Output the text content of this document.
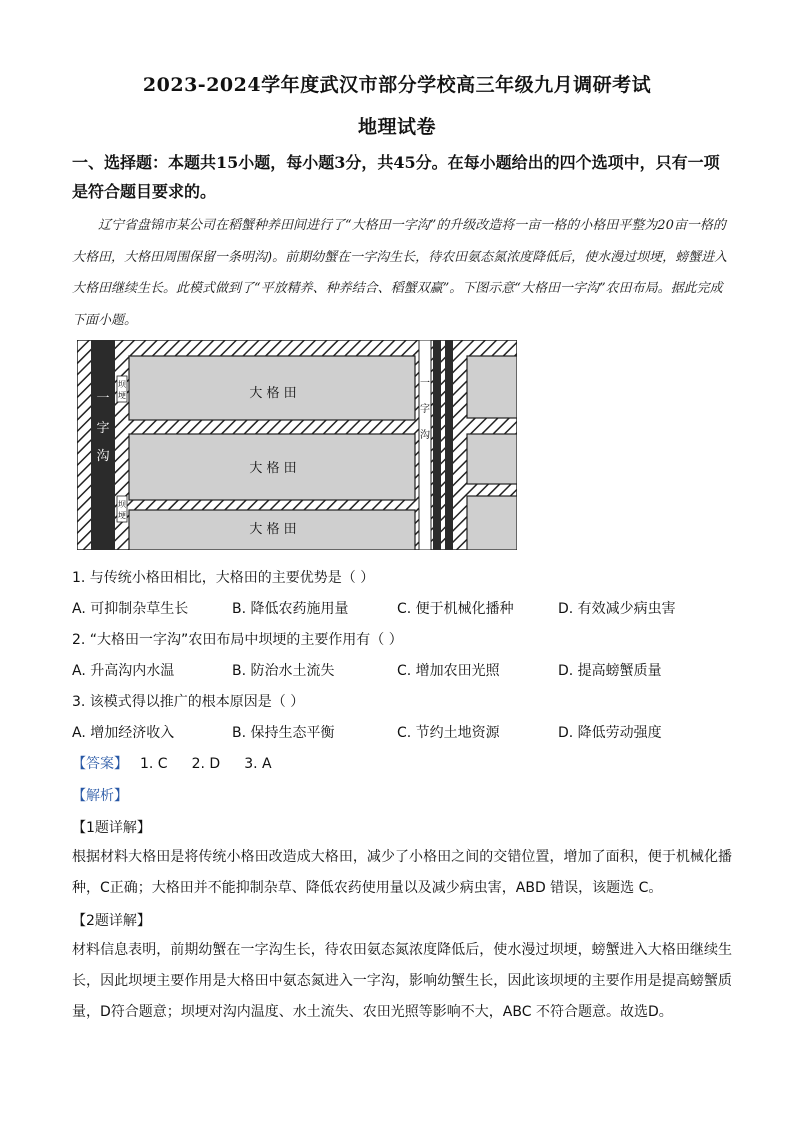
2023-2024学年度武汉市部分学校高三年级九月调研考试
地理试卷
一、选择题：本题共15小题，每小题3分，共45分。在每小题给出的四个选项中，只有一项是符合题目要求的。
辽宁省盘锦市某公司在稻蟹种养田间进行了“大格田一字沟”的升级改造将一亩一格的小格田平整为20亩一格的大格田，大格田周围保留一条明沟)。前期幼蟹在一字沟生长，待农田氨态氮浓度降低后，使水漫过坝埂，螃蟹进入大格田继续生长。此模式做到了“平放精养、种养结合、稻蟹双赢”。下图示意“大格田一字沟”农田布局。据此完成下面小题。
大 格 田
大 格 田
大 格 田
一
字
沟
坝
埂
坝
埂
一
字
沟
1. 与传统小格田相比，大格田的主要优势是（ ）
A. 可抑制杂草生长	B. 降低农药施用量	C. 便于机械化播种	D. 有效减少病虫害
2. “大格田一字沟”农田布局中坝埂的主要作用有（ ）
A. 升高沟内水温	B. 防治水土流失	C. 增加农田光照	D. 提高螃蟹质量
3. 该模式得以推广的根本原因是（ ）
A. 增加经济收入	B. 保持生态平衡	C. 节约土地资源	D. 降低劳动强度
【答案】 1. C 2. D 3. A
【解析】
【1题详解】
根据材料大格田是将传统小格田改造成大格田，减少了小格田之间的交错位置，增加了面积，便于机械化播种，C正确；大格田并不能抑制杂草、降低农药使用量以及减少病虫害，ABD 错误，该题选 C。
【2题详解】
材料信息表明，前期幼蟹在一字沟生长，待农田氨态氮浓度降低后，使水漫过坝埂，螃蟹进入大格田继续生长，因此坝埂主要作用是大格田中氨态氮进入一字沟，影响幼蟹生长，因此该坝埂的主要作用是提高螃蟹质量，D符合题意；坝埂对沟内温度、水土流失、农田光照等影响不大，ABC 不符合题意。故选D。
